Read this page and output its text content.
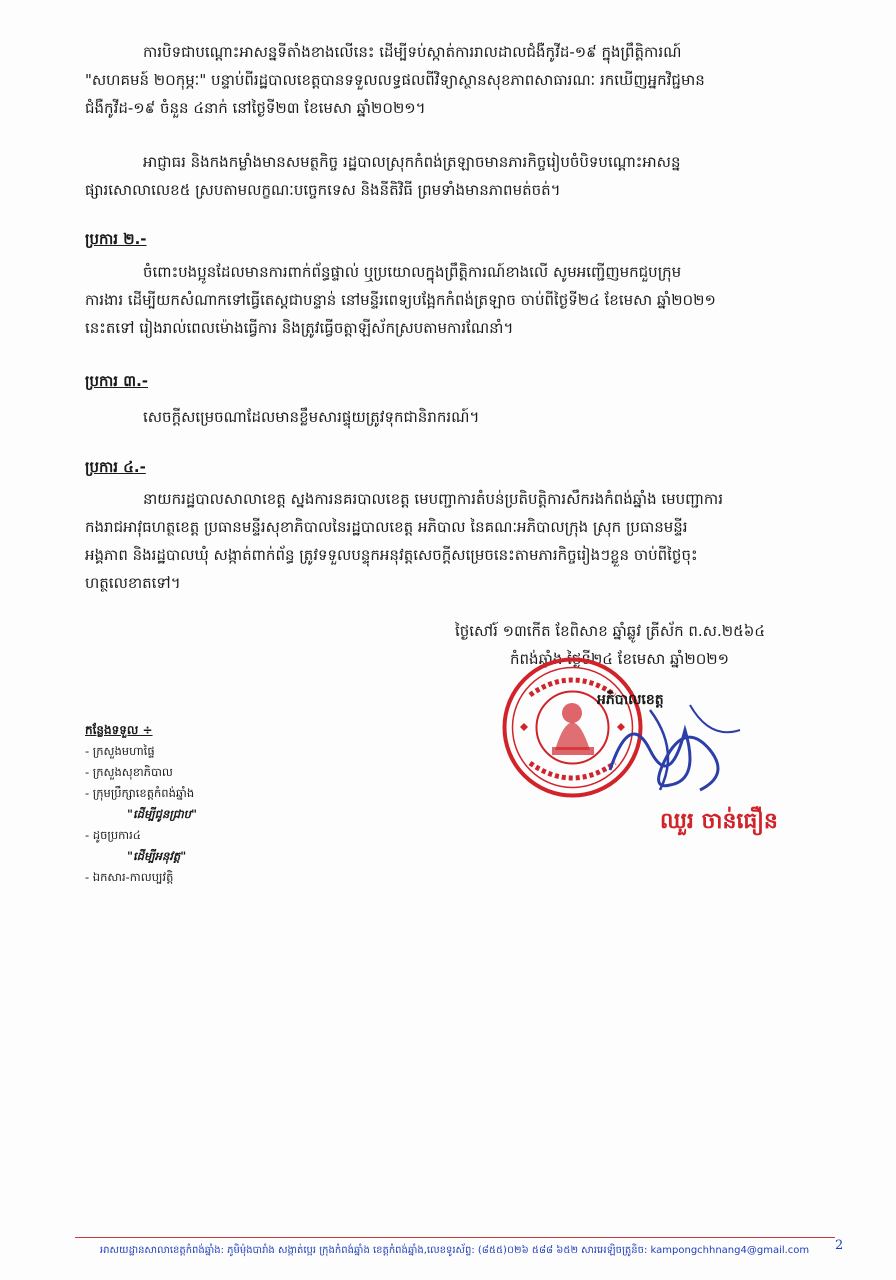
ការបិទជាបណ្តោះអាសន្នទីតាំងខាងលើនេះ ដើម្បីទប់ស្កាត់ការរាលដាលជំងឺកូវីដ-១៩ ក្នុងព្រឹត្តិការណ៍
"សហគមន៍ ២០កុម្ភៈ" បន្ទាប់ពីរដ្ឋបាលខេត្តបានទទួលលទ្ធផលពីវិទ្យាស្ថានសុខភាពសាធារណៈ រកឃើញអ្នកវិជ្ជមាន
ជំងឺកូវីដ-១៩ ចំនួន ៤នាក់ នៅថ្ងៃទី២៣ ខែមេសា ឆ្នាំ២០២១។
អាជ្ញាធរ និងកងកម្លាំងមានសមត្ថកិច្ច រដ្ឋបាលស្រុកកំពង់ត្រឡាចមានភារកិច្ចរៀបចំបិទបណ្តោះអាសន្ន
ផ្សារសោលាលេខ៥ ស្របតាមលក្ខណៈបច្ចេកទេស និងនីតិវិធី ព្រមទាំងមានភាពមត់ចត់។
ប្រការ ២.-
ចំពោះបងប្អូនដែលមានការពាក់ព័ន្ធផ្ទាល់ ឬប្រយោលក្នុងព្រឹត្តិការណ៍ខាងលើ សូមអញ្ជើញមកជួបក្រុម
ការងារ ដើម្បីយកសំណាកទៅធ្វើតេស្តជាបន្ទាន់ នៅមន្ទីរពេទ្យបង្អែកកំពង់ត្រឡាច ចាប់ពីថ្ងៃទី២៤ ខែមេសា ឆ្នាំ២០២១
នេះតទៅ រៀងរាល់ពេលម៉ោងធ្វើការ និងត្រូវធ្វើចត្តាឡីស័កស្របតាមការណែនាំ។
ប្រការ ៣.-
សេចក្តីសម្រេចណាដែលមានខ្លឹមសារផ្ទុយត្រូវទុកជានិរាករណ៍។
ប្រការ ៤.-
នាយករដ្ឋបាលសាលាខេត្ត ស្នងការនគរបាលខេត្ត មេបញ្ជាការតំបន់ប្រតិបត្តិការសឹករងកំពង់ឆ្នាំង មេបញ្ជាការ
កងរាជអាវុធហត្ថខេត្ត ប្រធានមន្ទីរសុខាភិបាលនៃរដ្ឋបាលខេត្ត អភិបាល នៃគណៈអភិបាលក្រុង ស្រុក ប្រធានមន្ទីរ
អង្គភាព និងរដ្ឋបាលឃុំ សង្កាត់ពាក់ព័ន្ធ ត្រូវទទួលបន្ទុកអនុវត្តសេចក្តីសម្រេចនេះតាមភារកិច្ចរៀងៗខ្លួន ចាប់ពីថ្ងៃចុះ
ហត្ថលេខាតទៅ។
ថ្ងៃសៅរ៍ ១៣កើត ខែពិសាខ ឆ្នាំឆ្លូវ ត្រីស័ក ព.ស.២៥៦៤
កំពង់ឆ្នាំង ថ្ងៃទី២៤ ខែមេសា ឆ្នាំ២០២១
អភិបាលខេត្ត
ឈួរ ចាន់ធឿន
កន្លែងទទួល ÷
- ក្រសួងមហាផ្ទៃ
- ក្រសួងសុខាភិបាល
- ក្រុមប្រឹក្សាខេត្តកំពង់ឆ្នាំង
"ដើម្បីជូនជ្រាប"
- ដូចប្រការ៤
"ដើម្បីអនុវត្ត"
- ឯកសារ-កាលប្បវត្តិ
អាសយដ្ឋានសាលាខេត្តកំពង់ឆ្នាំង: ភូមិម៉ុងបារាំង សង្កាត់ប្អេរ ក្រុងកំពង់ឆ្នាំង ខេត្តកំពង់ឆ្នាំង,លេខទូរស័ព្ទ: (៨៥៥)០២៦ ៥៨៨ ៦៥២ សារអេឡិចត្រូនិច: kampongchhnang4@gmail.com 2
